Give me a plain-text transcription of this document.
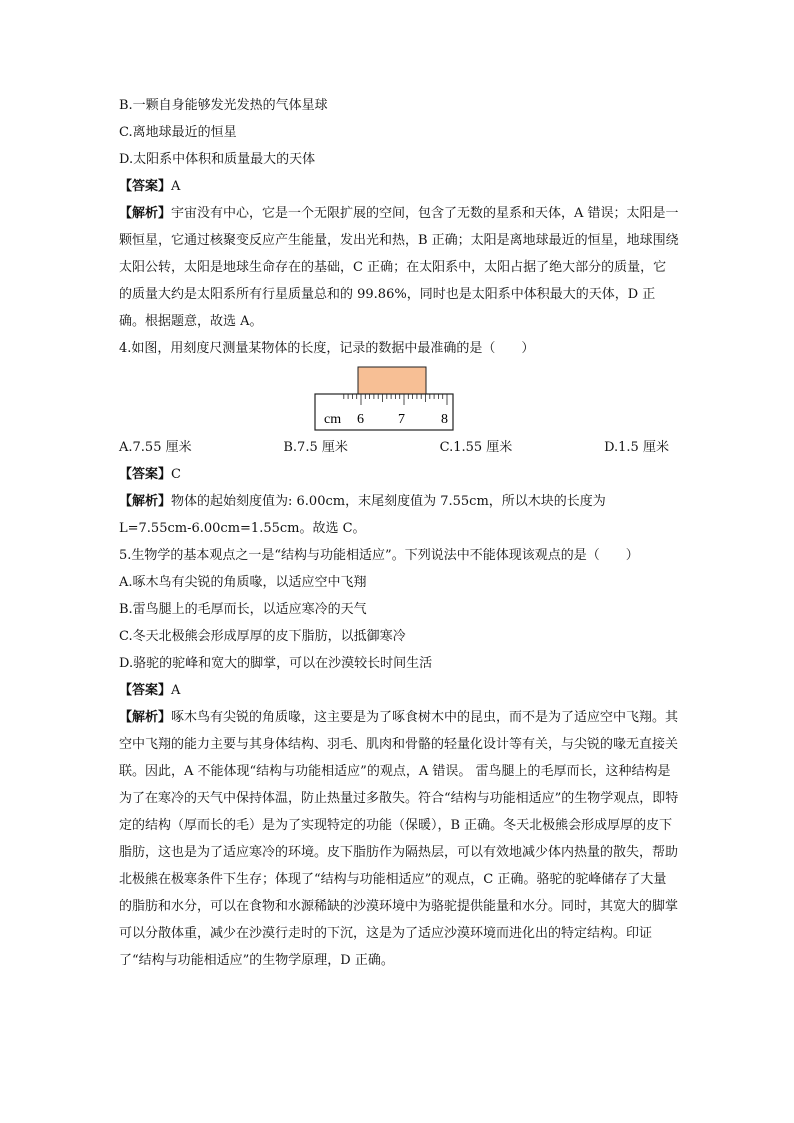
B.一颗自身能够发光发热的气体星球
C.离地球最近的恒星
D.太阳系中体积和质量最大的天体
【答案】A
【解析】宇宙没有中心，它是一个无限扩展的空间，包含了无数的星系和天体，A 错误；太阳是一颗恒星，它通过核聚变反应产生能量，发出光和热，B 正确；太阳是离地球最近的恒星，地球围绕太阳公转，太阳是地球生命存在的基础，C 正确；在太阳系中，太阳占据了绝大部分的质量，它的质量大约是太阳系所有行星质量总和的 99.86%，同时也是太阳系中体积最大的天体，D 正确。根据题意，故选 A。
4.如图，用刻度尺测量某物体的长度，记录的数据中最准确的是（　　）
cm 6 7	8
A.7.55 厘米	B.7.5 厘米	C.1.55 厘米	D.1.5 厘米
【答案】C
【解析】物体的起始刻度值为: 6.00cm，末尾刻度值为 7.55cm，所以木块的长度为 L=7.55cm-6.00cm=1.55cm。故选 C。
5.生物学的基本观点之一是“结构与功能相适应”。下列说法中不能体现该观点的是（　　）
A.啄木鸟有尖锐的角质喙，以适应空中飞翔
B.雷鸟腿上的毛厚而长，以适应寒冷的天气
C.冬天北极熊会形成厚厚的皮下脂肪，以抵御寒冷
D.骆驼的驼峰和宽大的脚掌，可以在沙漠较长时间生活
【答案】A
【解析】啄木鸟有尖锐的角质喙，这主要是为了啄食树木中的昆虫，而不是为了适应空中飞翔。其空中飞翔的能力主要与其身体结构、羽毛、肌肉和骨骼的轻量化设计等有关，与尖锐的喙无直接关联。因此，A 不能体现“结构与功能相适应”的观点，A 错误。 雷鸟腿上的毛厚而长，这种结构是为了在寒冷的天气中保持体温，防止热量过多散失。符合“结构与功能相适应”的生物学观点，即特定的结构（厚而长的毛）是为了实现特定的功能（保暖），B 正确。冬天北极熊会形成厚厚的皮下脂肪，这也是为了适应寒冷的环境。皮下脂肪作为隔热层，可以有效地减少体内热量的散失，帮助北极熊在极寒条件下生存；体现了“结构与功能相适应”的观点，C 正确。骆驼的驼峰储存了大量的脂肪和水分，可以在食物和水源稀缺的沙漠环境中为骆驼提供能量和水分。同时，其宽大的脚掌可以分散体重，减少在沙漠行走时的下沉，这是为了适应沙漠环境而进化出的特定结构。印证了“结构与功能相适应”的生物学原理，D 正确。
